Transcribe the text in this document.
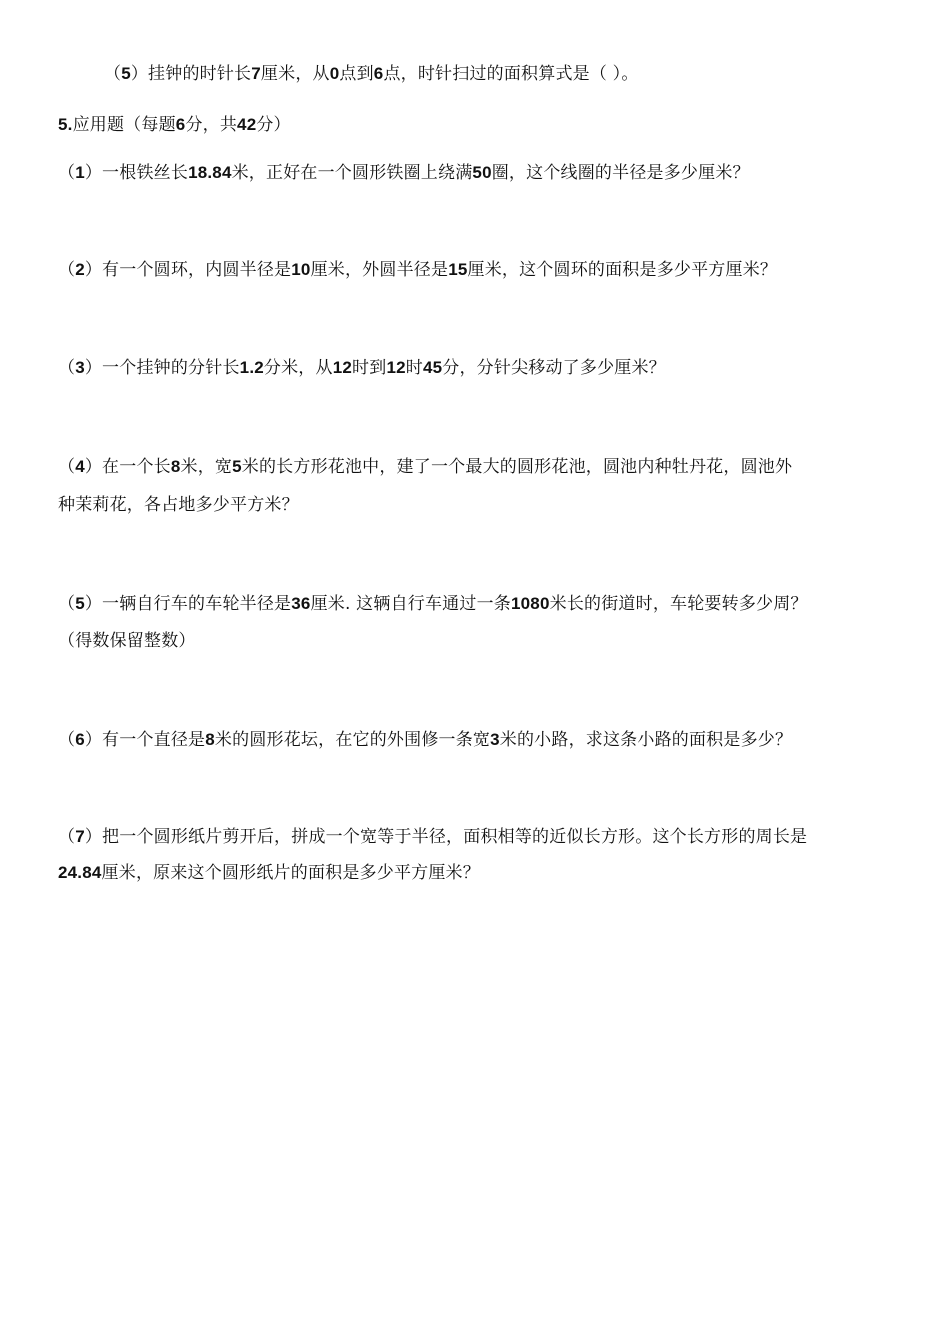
（5）挂钟的时针长7厘米，从0点到6点，时针扫过的面积算式是（ ）。
5.应用题（每题6分，共42分）
（1）一根铁丝长18.84米，正好在一个圆形铁圈上绕满50圈，这个线圈的半径是多少厘米？
（2）有一个圆环，内圆半径是10厘米，外圆半径是15厘米，这个圆环的面积是多少平方厘米？
（3）一个挂钟的分针长1.2分米，从12时到12时45分，分针尖移动了多少厘米？
（4）在一个长8米，宽5米的长方形花池中，建了一个最大的圆形花池，圆池内种牡丹花，圆池外
种茉莉花，各占地多少平方米？
（5）一辆自行车的车轮半径是36厘米. 这辆自行车通过一条1080米长的街道时，车轮要转多少周？
（得数保留整数）
（6）有一个直径是8米的圆形花坛，在它的外围修一条宽3米的小路，求这条小路的面积是多少？
（7）把一个圆形纸片剪开后，拼成一个宽等于半径，面积相等的近似长方形。这个长方形的周长是
24.84厘米，原来这个圆形纸片的面积是多少平方厘米？
